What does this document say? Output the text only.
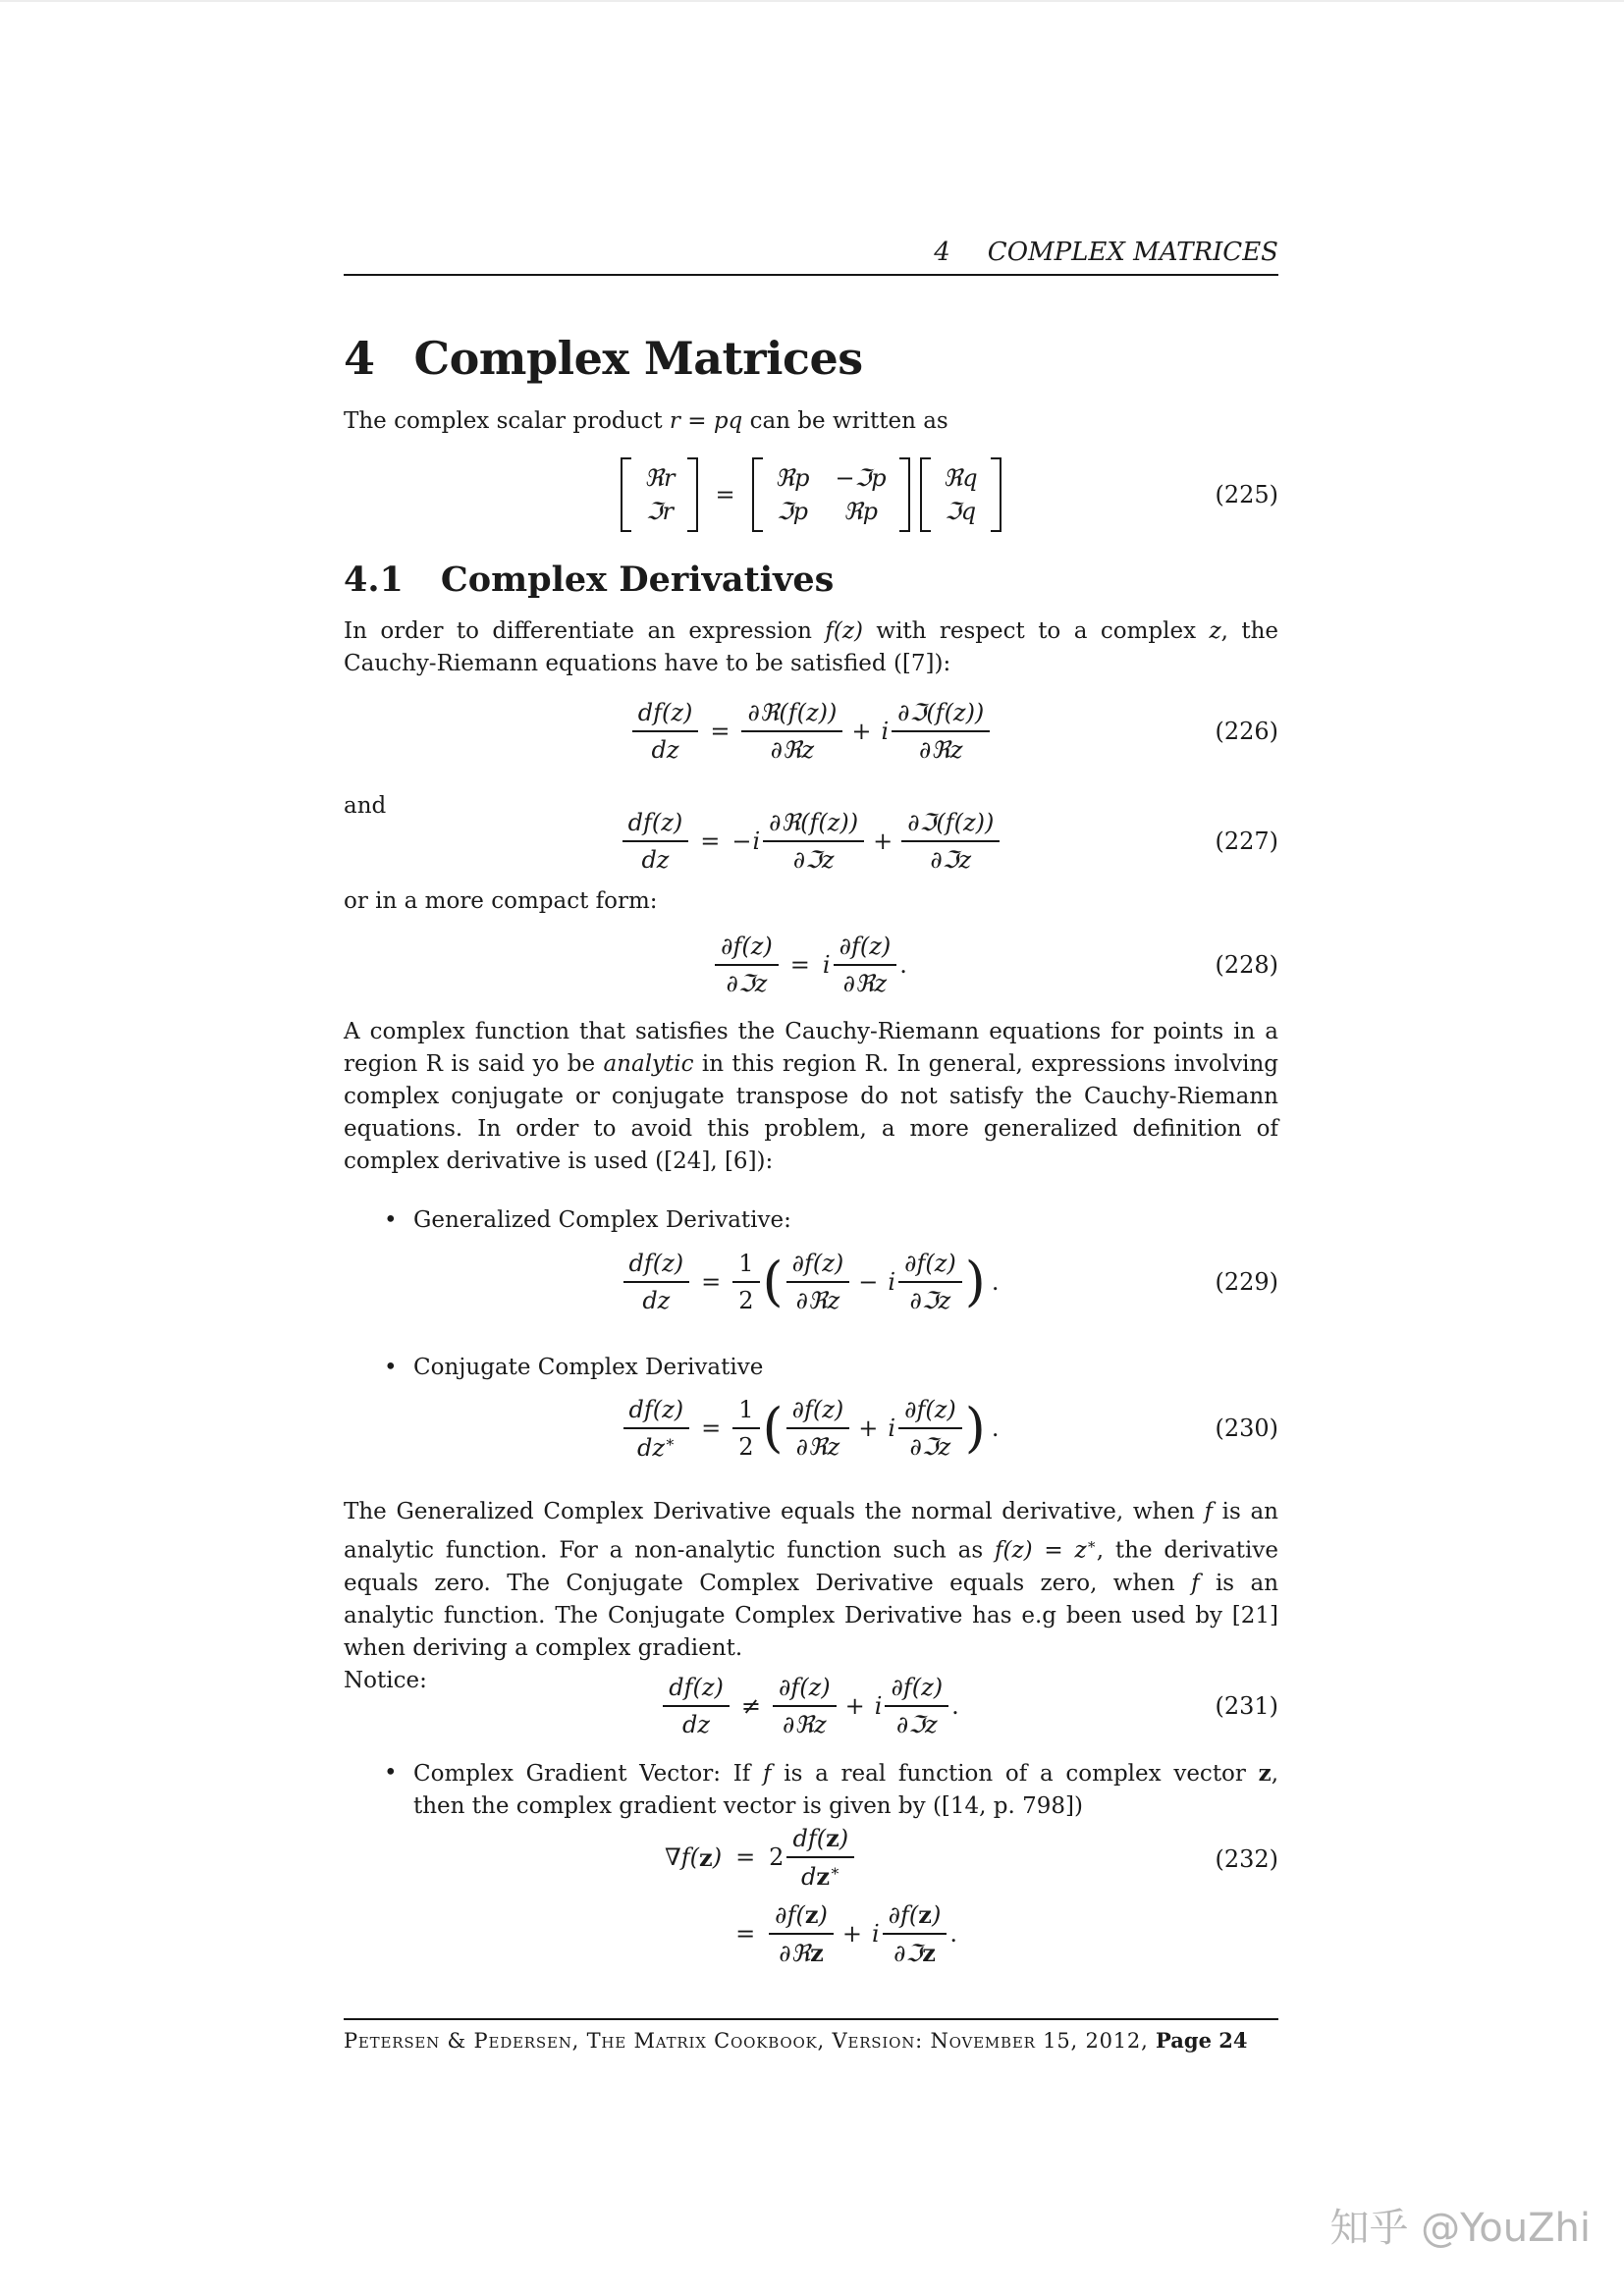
4 COMPLEX MATRICES
4 Complex Matrices
The complex scalar product r = pq can be written as
ℜr
ℑr
=
ℜp −ℑp
ℑp ℜp
ℜq
ℑq
(225)
4.1 Complex Derivatives
In order to differentiate an expression f(z) with respect to a complex z, the
Cauchy-Riemann equations have to be satisfied ([7]):
$\frac{df(z)}{dz} = \frac{\text{∂ℜ(f(z))}}{\text{∂ℜz}} + i \frac{\text{∂ℑ(f(z))}}{\text{∂ℜz}}$	(226)
and
$\frac{df(z)}{dz}$ = − i $\frac{\text{∂ℜ(f(z))}}{\text{∂ℑz}} + \frac{\text{∂ℑ(f(z))}}{\text{∂ℑz}}$	(227)
or in a more compact form:
$\frac{\partial f(z)}{\text{∂ℑz}} = i \frac{\partial f(z)}{\text{∂ℜz}}$ .	(228)
A complex function that satisfies the Cauchy-Riemann equations for points in a
region R is said yo be analytic in this region R. In general, expressions involving
complex conjugate or conjugate transpose do not satisfy the Cauchy-Riemann
equations. In order to avoid this problem, a more generalized definition of
complex derivative is used ([24], [6]):
• Generalized Complex Derivative:
$\frac{df(z)}{dz} = \frac{1}{2}$ ( $\frac{\partial f(z)}{\text{∂ℜz}} - i \frac{\partial f(z)}{\text{∂ℑz}}$ ) .	(229)
• Conjugate Complex Derivative
$\frac{df(z)}{dz^∗} = \frac{1}{2}$ ( $\frac{\partial f(z)}{\text{∂ℜz}} + i \frac{\partial f(z)}{\text{∂ℑz}}$ ) .	(230)
The Generalized Complex Derivative equals the normal derivative, when f is an
analytic function. For a non-analytic function such as f(z) = z∗, the derivative
equals zero. The Conjugate Complex Derivative equals zero, when f is an
analytic function. The Conjugate Complex Derivative has e.g been used by [21]
when deriving a complex gradient.
Notice:	$\frac{df(z)}{dz} \ne \frac{\partial f(z)}{\text{∂ℜz}} + i \frac{\partial f(z)}{\text{∂ℑz}}$ .	(231)
• Complex Gradient Vector: If f is a real function of a complex vector z,
then the complex gradient vector is given by ([14, p. 798])
∇f( z ) = $2 \frac{df(z)}{dz^∗}$
= $\frac{\partial f(z)}{\text{∂ℜz}} + i \frac{\partial f(z)}{\text{∂ℑz}}$ .
(232)
Petersen & Pedersen, The Matrix Cookbook, Version: November 15, 2012, Page 24
知乎 @YouZhi
